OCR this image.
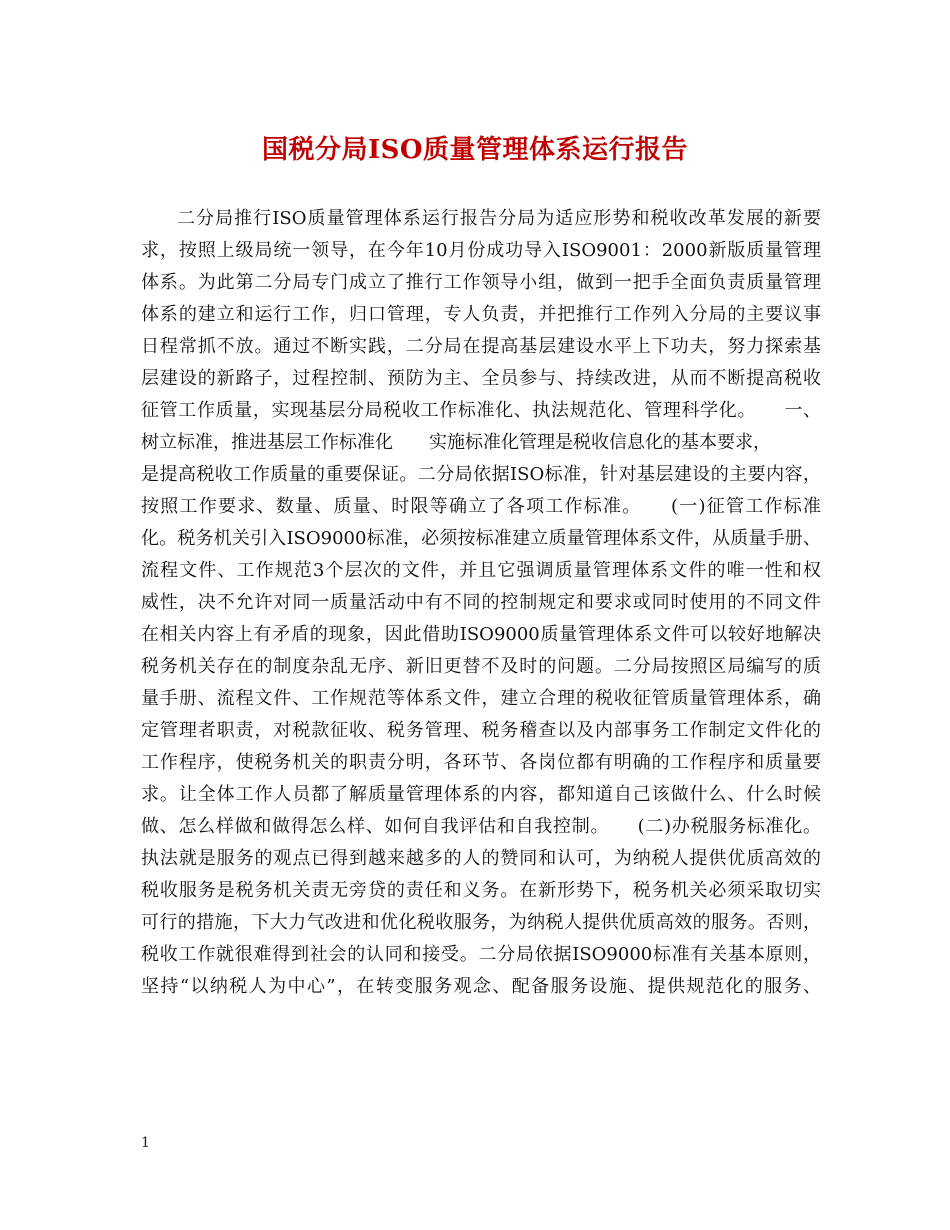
国税分局ISO质量管理体系运行报告
二分局推行ISO质量管理体系运行报告分局为适应形势和税收改革发展的新要
求，按照上级局统一领导，在今年10月份成功导入ISO9001：2000新版质量管理
体系。为此第二分局专门成立了推行工作领导小组，做到一把手全面负责质量管理
体系的建立和运行工作，归口管理，专人负责，并把推行工作列入分局的主要议事
日程常抓不放。通过不断实践，二分局在提高基层建设水平上下功夫，努力探索基
层建设的新路子，过程控制、预防为主、全员参与、持续改进，从而不断提高税收
征管工作质量，实现基层分局税收工作标准化、执法规范化、管理科学化。　　一、
树立标准，推进基层工作标准化　　实施标准化管理是税收信息化的基本要求，
是提高税收工作质量的重要保证。二分局依据ISO标准，针对基层建设的主要内容，
按照工作要求、数量、质量、时限等确立了各项工作标准。　　(一)征管工作标准
化。税务机关引入ISO9000标准，必须按标准建立质量管理体系文件，从质量手册、
流程文件、工作规范3个层次的文件，并且它强调质量管理体系文件的唯一性和权
威性，决不允许对同一质量活动中有不同的控制规定和要求或同时使用的不同文件
在相关内容上有矛盾的现象，因此借助ISO9000质量管理体系文件可以较好地解决
税务机关存在的制度杂乱无序、新旧更替不及时的问题。二分局按照区局编写的质
量手册、流程文件、工作规范等体系文件，建立合理的税收征管质量管理体系，确
定管理者职责，对税款征收、税务管理、税务稽查以及内部事务工作制定文件化的
工作程序，使税务机关的职责分明，各环节、各岗位都有明确的工作程序和质量要
求。让全体工作人员都了解质量管理体系的内容，都知道自己该做什么、什么时候
做、怎么样做和做得怎么样、如何自我评估和自我控制。　　(二)办税服务标准化。
执法就是服务的观点已得到越来越多的人的赞同和认可，为纳税人提供优质高效的
税收服务是税务机关责无旁贷的责任和义务。在新形势下，税务机关必须采取切实
可行的措施，下大力气改进和优化税收服务，为纳税人提供优质高效的服务。否则，
税收工作就很难得到社会的认同和接受。二分局依据ISO9000标准有关基本原则，
坚持“以纳税人为中心”，在转变服务观念、配备服务设施、提供规范化的服务、
1
